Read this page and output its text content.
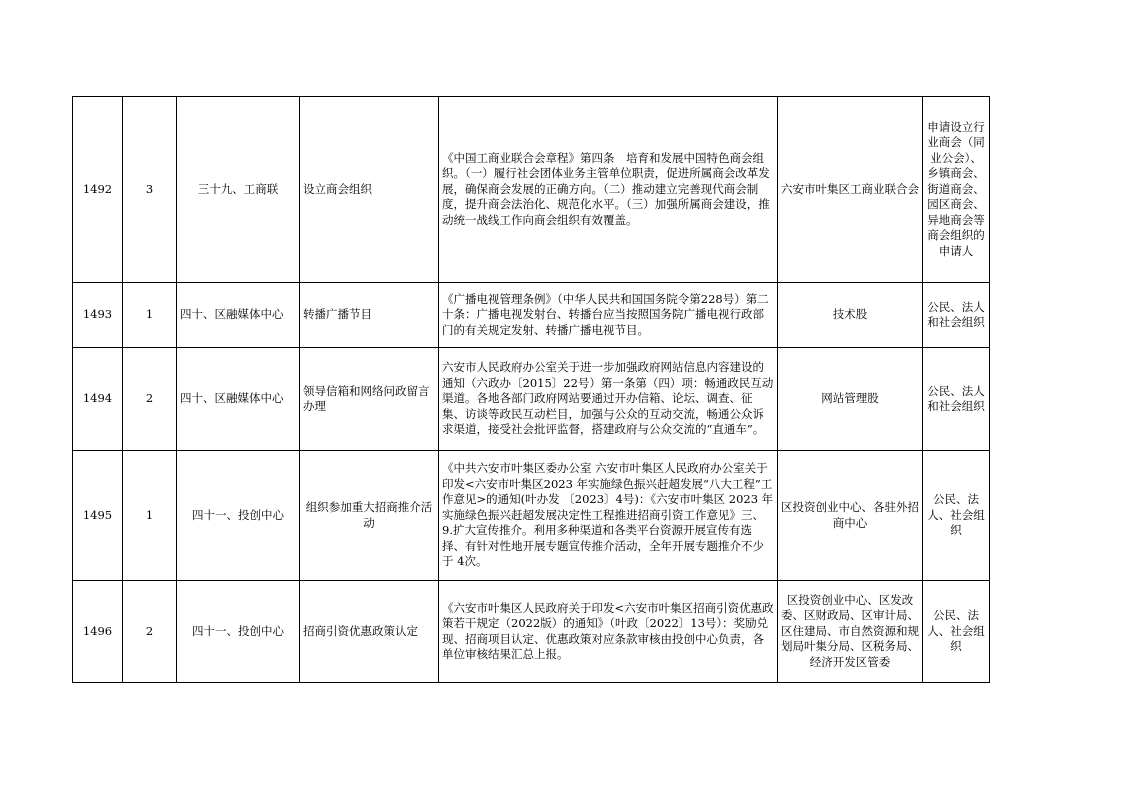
1492	3	三十九、工商联	设立商会组织	《中国工商业联合会章程》第四条　培育和发展中国特色商会组织。（一）履行社会团体业务主管单位职责，促进所属商会改革发展，确保商会发展的正确方向。（二）推动建立完善现代商会制度，提升商会法治化、规范化水平。（三）加强所属商会建设，推动统一战线工作向商会组织有效覆盖。	六安市叶集区工商业联合会	申请设立行业商会（同业公会）、乡镇商会、街道商会、园区商会、异地商会等商会组织的申请人
1493	1	四十、区融媒体中心	转播广播节目	《广播电视管理条例》（中华人民共和国国务院令第228号）第二十条：广播电视发射台、转播台应当按照国务院广播电视行政部门的有关规定发射、转播广播电视节目。	技术股	公民、法人和社会组织
1494	2	四十、区融媒体中心	领导信箱和网络问政留言办理	六安市人民政府办公室关于进一步加强政府网站信息内容建设的通知（六政办〔2015〕22号）第一条第（四）项：畅通政民互动渠道。各地各部门政府网站要通过开办信箱、论坛、调查、征集、访谈等政民互动栏目，加强与公众的互动交流，畅通公众诉求渠道，接受社会批评监督，搭建政府与公众交流的“直通车”。	网站管理股	公民、法人和社会组织
1495	1	四十一、投创中心	组织参加重大招商推介活动	《中共六安市叶集区委办公室 六安市叶集区人民政府办公室关于印发<六安市叶集区2023 年实施绿色振兴赶超发展“八大工程”工作意见>的通知(叶办发 〔2023〕4号)：《六安市叶集区 2023 年实施绿色振兴赶超发展决定性工程推进招商引资工作意见》三、9.扩大宣传推介。利用多种渠道和各类平台资源开展宣传有选择、有针对性地开展专题宣传推介活动，全年开展专题推介不少于 4次。	区投资创业中心、各驻外招商中心	公民、法人、社会组织
1496	2	四十一、投创中心	招商引资优惠政策认定	《六安市叶集区人民政府关于印发<六安市叶集区招商引资优惠政策若干规定（2022版）的通知》（叶政〔2022〕13号）：奖励兑现、招商项目认定、优惠政策对应条款审核由投创中心负责，各单位审核结果汇总上报。	区投资创业中心、区发改委、区财政局、区审计局、区住建局、市自然资源和规划局叶集分局、区税务局、经济开发区管委	公民、法人、社会组织
